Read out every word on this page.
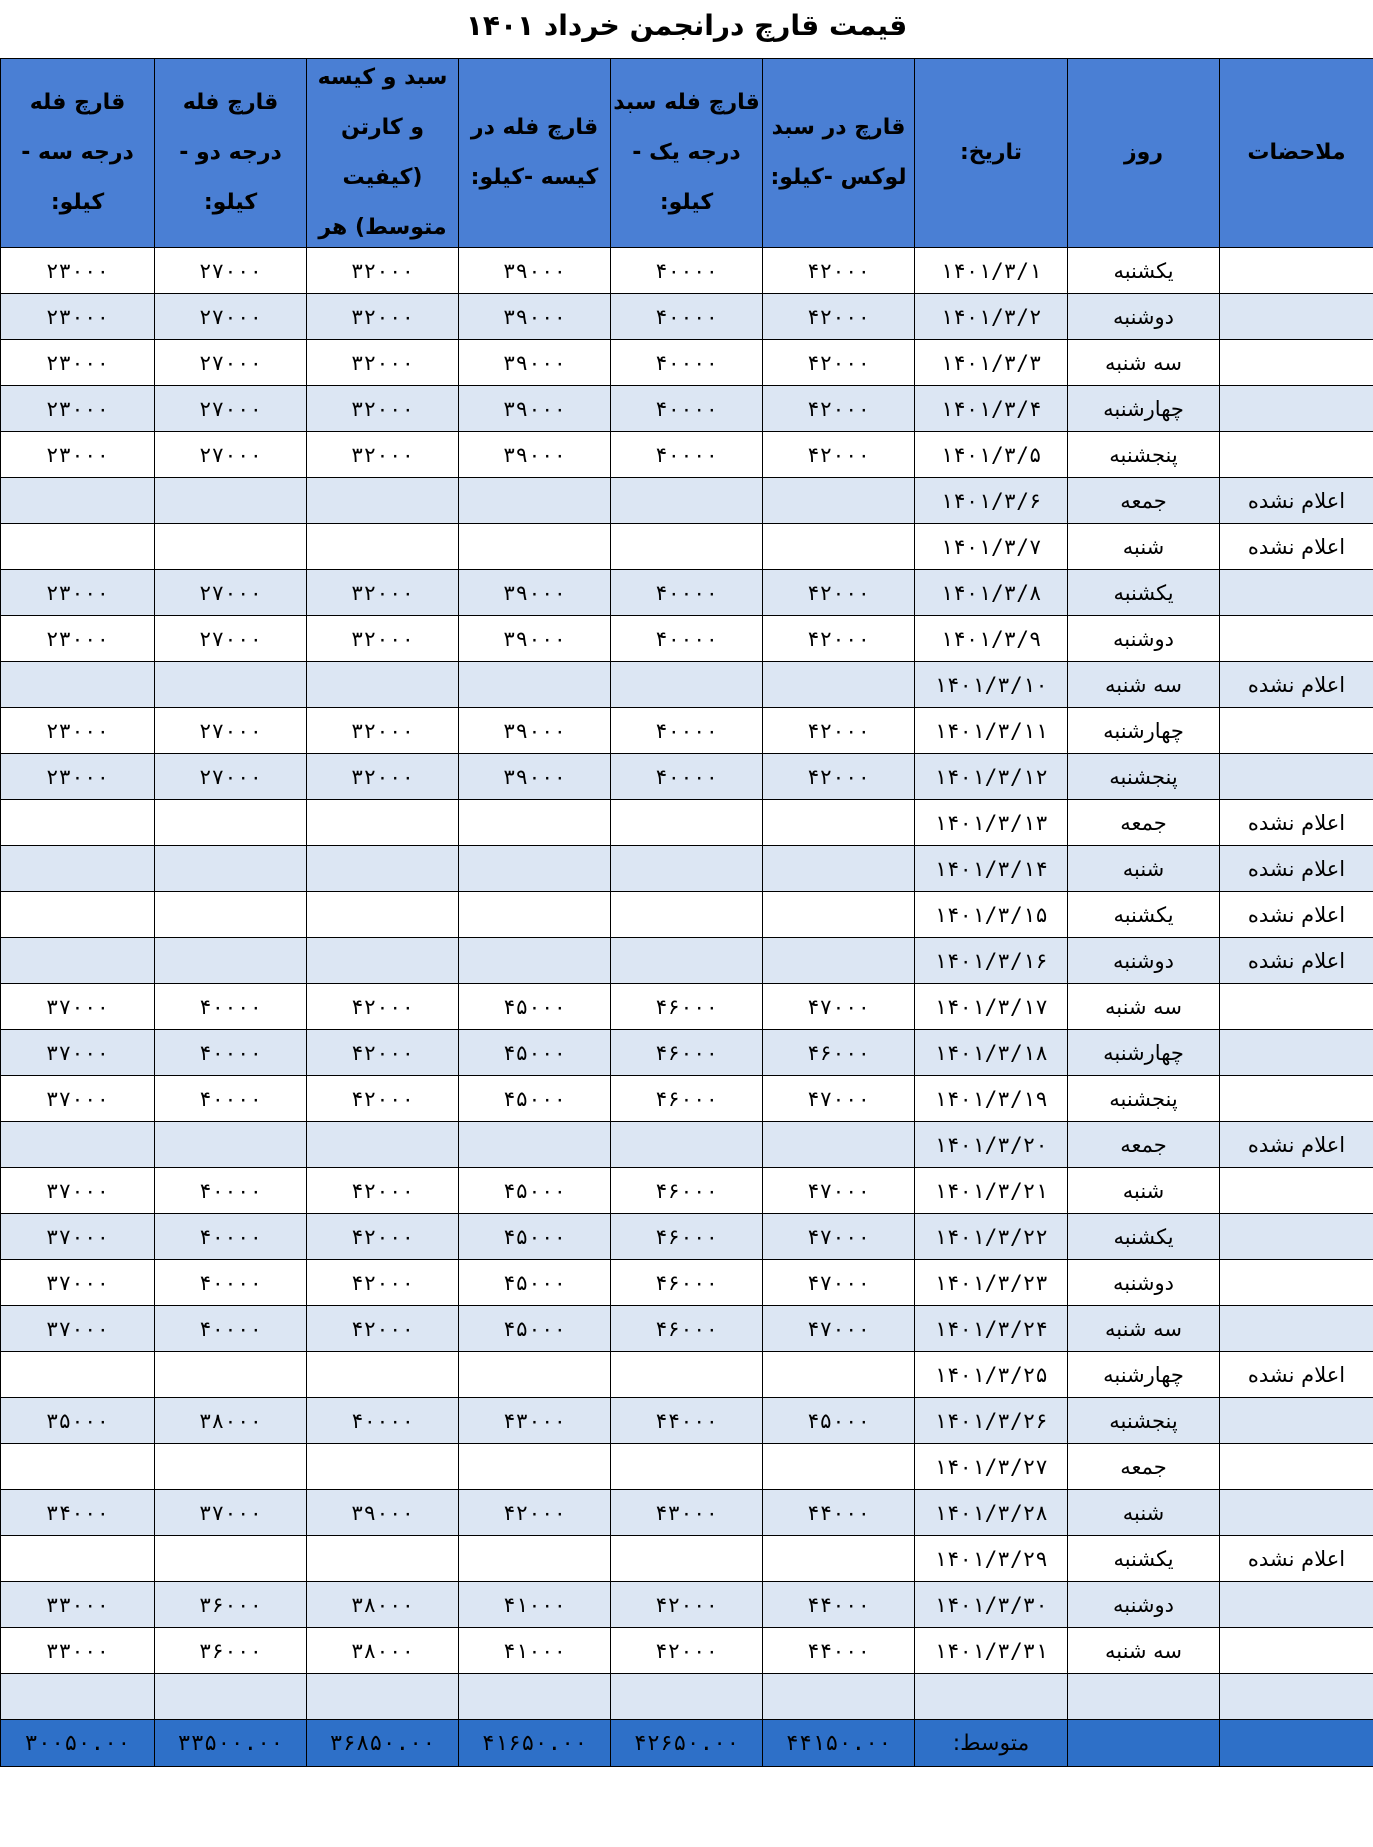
قیمت قارچ درانجمن خرداد ۱۴۰۱
ملاحضات	روز	تاریخ:	قارچ در سبد لوکس -کیلو:	قارچ فله سبد درجه یک - کیلو:	قارچ فله در کیسه -کیلو:	سبد و کیسه و کارتن (کیفیت متوسط) هر	قارچ فله درجه دو - کیلو:	قارچ فله درجه سه - کیلو:

	یکشنبه	۱۴۰۱/۳/۱	۴۲۰۰۰	۴۰۰۰۰	۳۹۰۰۰	۳۲۰۰۰	۲۷۰۰۰	۲۳۰۰۰
	دوشنبه	۱۴۰۱/۳/۲	۴۲۰۰۰	۴۰۰۰۰	۳۹۰۰۰	۳۲۰۰۰	۲۷۰۰۰	۲۳۰۰۰
	سه شنبه	۱۴۰۱/۳/۳	۴۲۰۰۰	۴۰۰۰۰	۳۹۰۰۰	۳۲۰۰۰	۲۷۰۰۰	۲۳۰۰۰
	چهارشنبه	۱۴۰۱/۳/۴	۴۲۰۰۰	۴۰۰۰۰	۳۹۰۰۰	۳۲۰۰۰	۲۷۰۰۰	۲۳۰۰۰
	پنجشنبه	۱۴۰۱/۳/۵	۴۲۰۰۰	۴۰۰۰۰	۳۹۰۰۰	۳۲۰۰۰	۲۷۰۰۰	۲۳۰۰۰
اعلام نشده	جمعه	۱۴۰۱/۳/۶						
اعلام نشده	شنبه	۱۴۰۱/۳/۷						
	یکشنبه	۱۴۰۱/۳/۸	۴۲۰۰۰	۴۰۰۰۰	۳۹۰۰۰	۳۲۰۰۰	۲۷۰۰۰	۲۳۰۰۰
	دوشنبه	۱۴۰۱/۳/۹	۴۲۰۰۰	۴۰۰۰۰	۳۹۰۰۰	۳۲۰۰۰	۲۷۰۰۰	۲۳۰۰۰
اعلام نشده	سه شنبه	۱۴۰۱/۳/۱۰						
	چهارشنبه	۱۴۰۱/۳/۱۱	۴۲۰۰۰	۴۰۰۰۰	۳۹۰۰۰	۳۲۰۰۰	۲۷۰۰۰	۲۳۰۰۰
	پنجشنبه	۱۴۰۱/۳/۱۲	۴۲۰۰۰	۴۰۰۰۰	۳۹۰۰۰	۳۲۰۰۰	۲۷۰۰۰	۲۳۰۰۰
اعلام نشده	جمعه	۱۴۰۱/۳/۱۳						
اعلام نشده	شنبه	۱۴۰۱/۳/۱۴						
اعلام نشده	یکشنبه	۱۴۰۱/۳/۱۵						
اعلام نشده	دوشنبه	۱۴۰۱/۳/۱۶						
	سه شنبه	۱۴۰۱/۳/۱۷	۴۷۰۰۰	۴۶۰۰۰	۴۵۰۰۰	۴۲۰۰۰	۴۰۰۰۰	۳۷۰۰۰
	چهارشنبه	۱۴۰۱/۳/۱۸	۴۶۰۰۰	۴۶۰۰۰	۴۵۰۰۰	۴۲۰۰۰	۴۰۰۰۰	۳۷۰۰۰
	پنجشنبه	۱۴۰۱/۳/۱۹	۴۷۰۰۰	۴۶۰۰۰	۴۵۰۰۰	۴۲۰۰۰	۴۰۰۰۰	۳۷۰۰۰
اعلام نشده	جمعه	۱۴۰۱/۳/۲۰						
	شنبه	۱۴۰۱/۳/۲۱	۴۷۰۰۰	۴۶۰۰۰	۴۵۰۰۰	۴۲۰۰۰	۴۰۰۰۰	۳۷۰۰۰
	یکشنبه	۱۴۰۱/۳/۲۲	۴۷۰۰۰	۴۶۰۰۰	۴۵۰۰۰	۴۲۰۰۰	۴۰۰۰۰	۳۷۰۰۰
	دوشنبه	۱۴۰۱/۳/۲۳	۴۷۰۰۰	۴۶۰۰۰	۴۵۰۰۰	۴۲۰۰۰	۴۰۰۰۰	۳۷۰۰۰
	سه شنبه	۱۴۰۱/۳/۲۴	۴۷۰۰۰	۴۶۰۰۰	۴۵۰۰۰	۴۲۰۰۰	۴۰۰۰۰	۳۷۰۰۰
اعلام نشده	چهارشنبه	۱۴۰۱/۳/۲۵						
	پنجشنبه	۱۴۰۱/۳/۲۶	۴۵۰۰۰	۴۴۰۰۰	۴۳۰۰۰	۴۰۰۰۰	۳۸۰۰۰	۳۵۰۰۰
	جمعه	۱۴۰۱/۳/۲۷						
	شنبه	۱۴۰۱/۳/۲۸	۴۴۰۰۰	۴۳۰۰۰	۴۲۰۰۰	۳۹۰۰۰	۳۷۰۰۰	۳۴۰۰۰
اعلام نشده	یکشنبه	۱۴۰۱/۳/۲۹						
	دوشنبه	۱۴۰۱/۳/۳۰	۴۴۰۰۰	۴۲۰۰۰	۴۱۰۰۰	۳۸۰۰۰	۳۶۰۰۰	۳۳۰۰۰
	سه شنبه	۱۴۰۱/۳/۳۱	۴۴۰۰۰	۴۲۰۰۰	۴۱۰۰۰	۳۸۰۰۰	۳۶۰۰۰	۳۳۰۰۰

		متوسط:	۴۴۱۵۰.۰۰	۴۲۶۵۰.۰۰	۴۱۶۵۰.۰۰	۳۶۸۵۰.۰۰	۳۳۵۰۰.۰۰	۳۰۰۵۰.۰۰
